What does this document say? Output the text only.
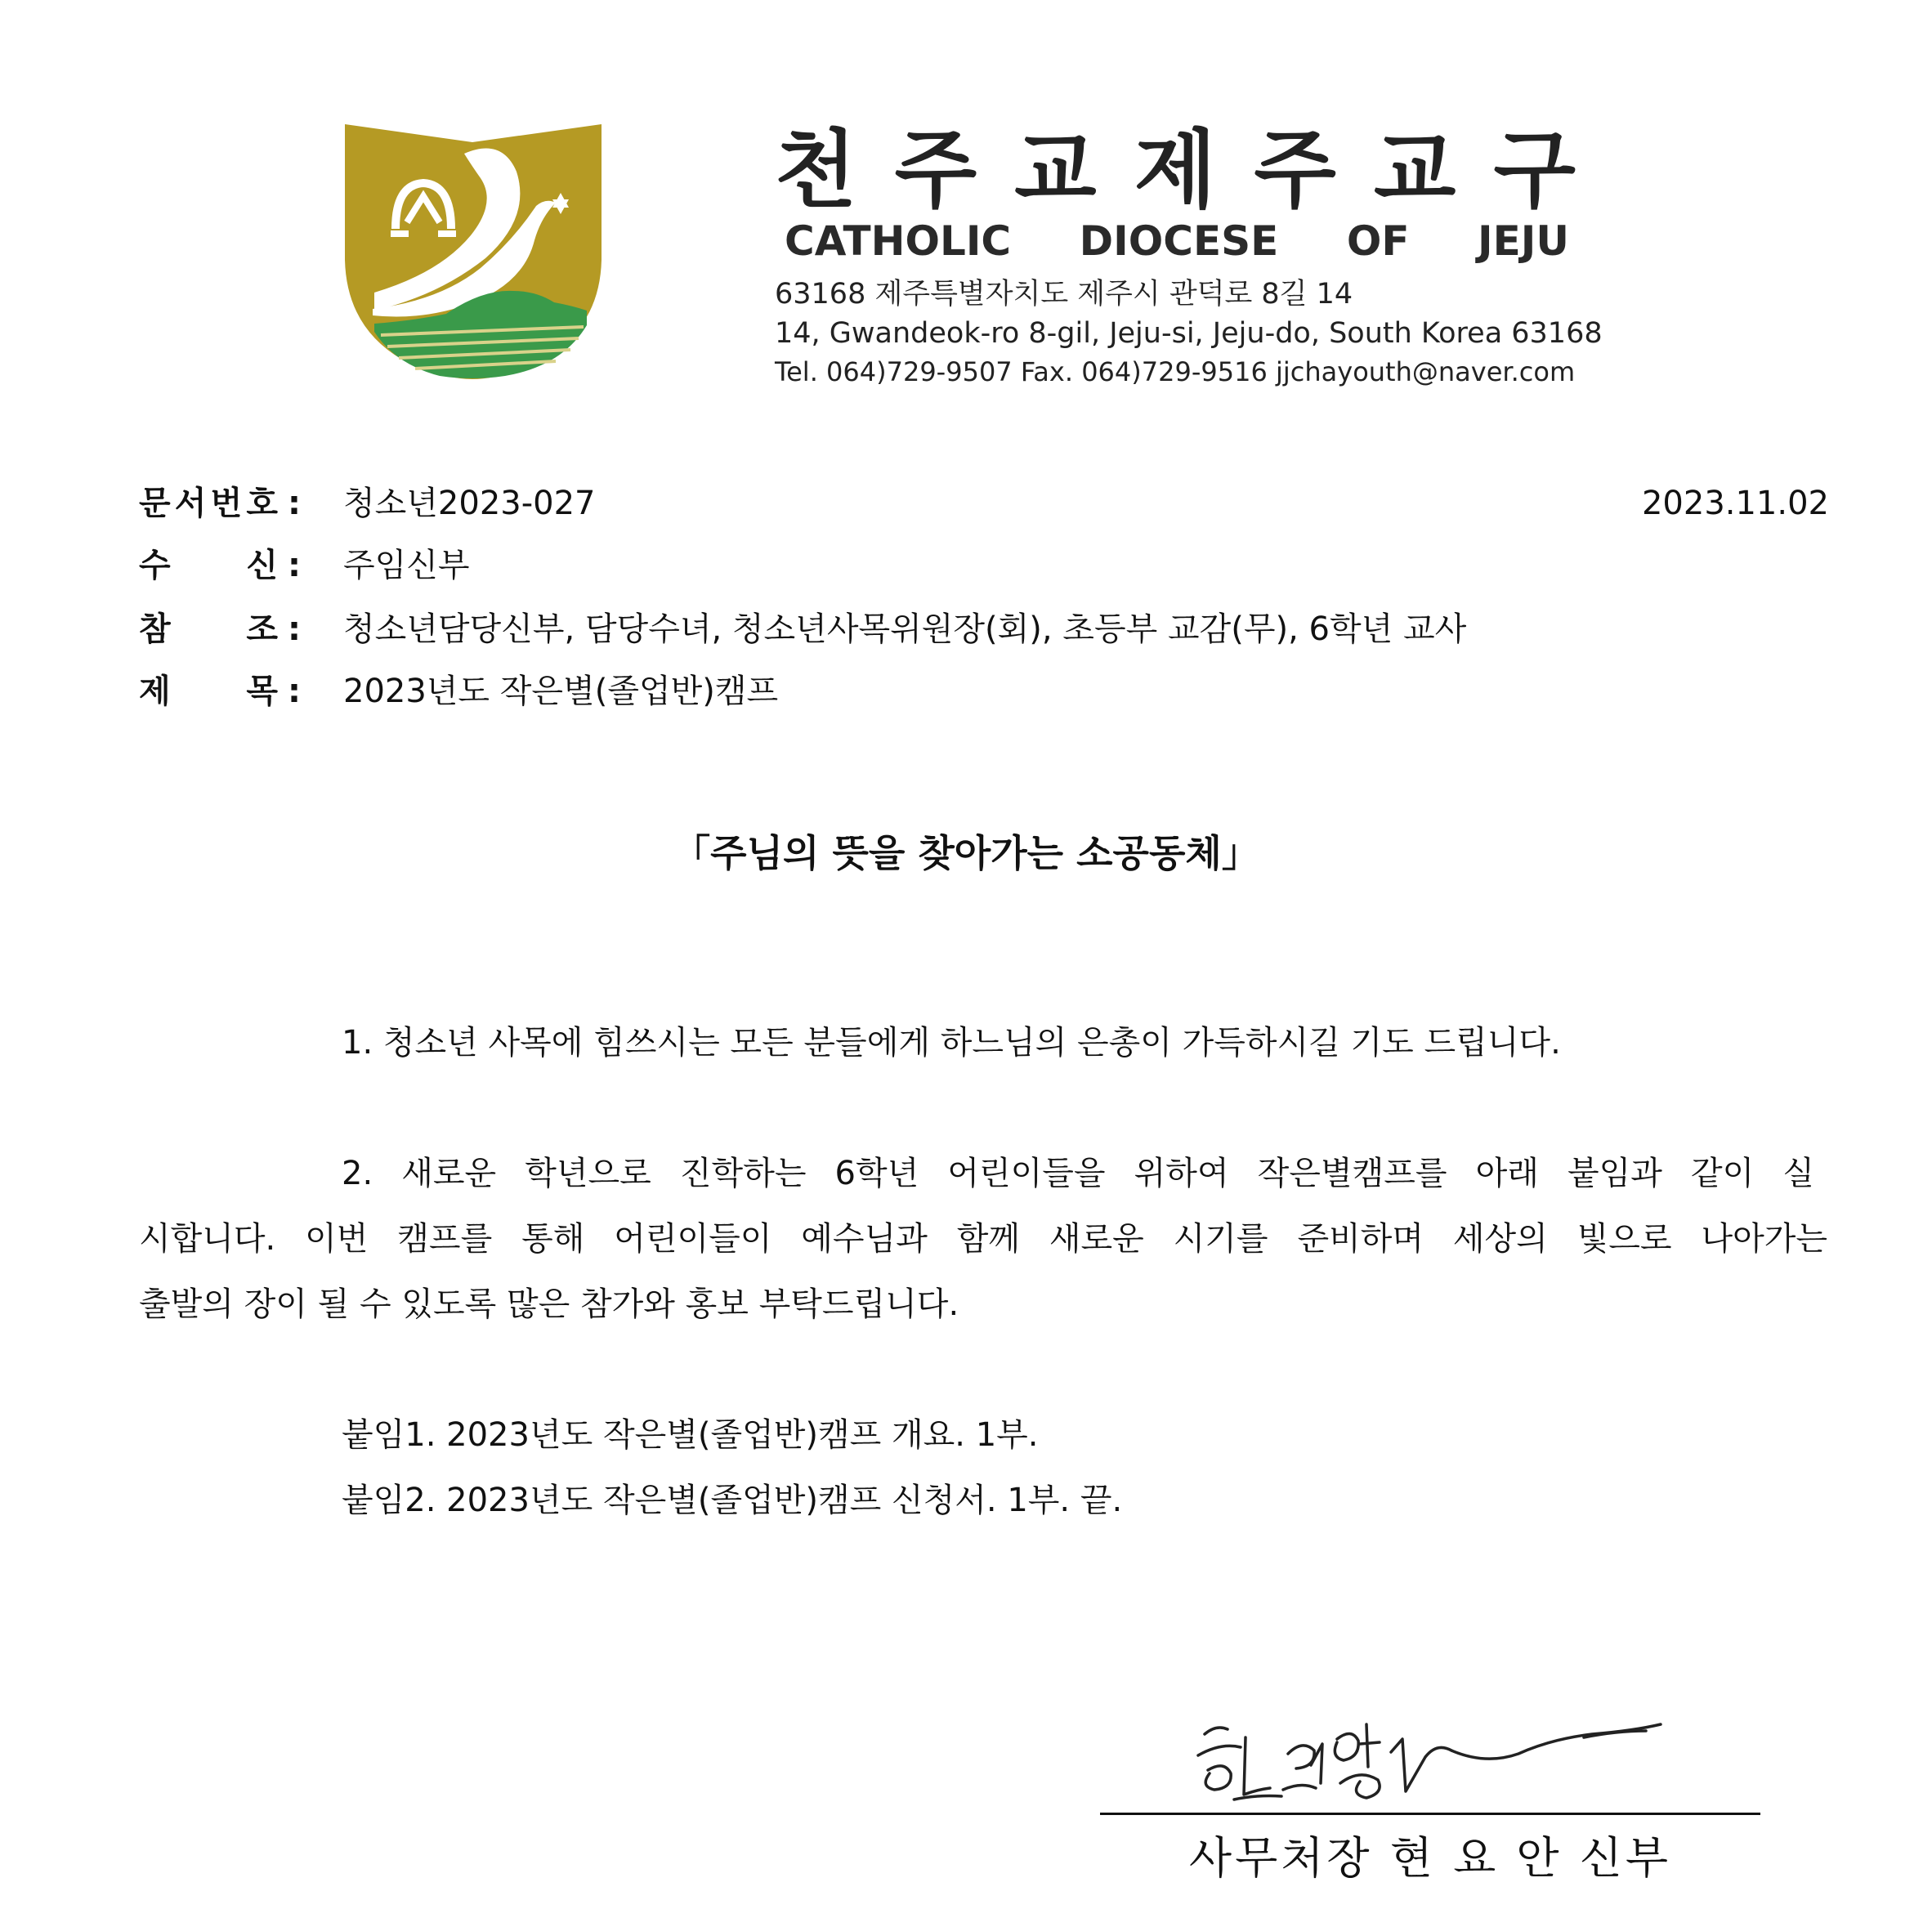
천 주 교 제 주 교 구
CATHOLIC DIOCESE OF JEJU
63168 제주특별자치도 제주시 관덕로 8길 14
14, Gwandeok-ro 8-gil, Jeju-si, Jeju-do, South Korea 63168
Tel. 064)729-9507 Fax. 064)729-9516 jjchayouth@naver.com
문 서 번 호 : 청소년2023-027
수 신 : 주임신부
참 조 : 청소년담당신부, 담당수녀, 청소년사목위원장(회), 초등부 교감(무), 6학년 교사
제 목 : 2023년도 작은별(졸업반)캠프
2023.11.02
「주님의 뜻을 찾아가는 소공동체」
1. 청소년 사목에 힘쓰시는 모든 분들에게 하느님의 은총이 가득하시길 기도 드립니다.
2. 새로운 학년으로 진학하는 6학년 어린이들을 위하여 작은별캠프를 아래 붙임과 같이 실
시합니다. 이번 캠프를 통해 어린이들이 예수님과 함께 새로운 시기를 준비하며 세상의 빛으로 나아가는
출발의 장이 될 수 있도록 많은 참가와 홍보 부탁드립니다.
붙임1. 2023년도 작은별(졸업반)캠프 개요. 1부.
붙임2. 2023년도 작은별(졸업반)캠프 신청서. 1부. 끝.
사무처장 현 요 안 신부
